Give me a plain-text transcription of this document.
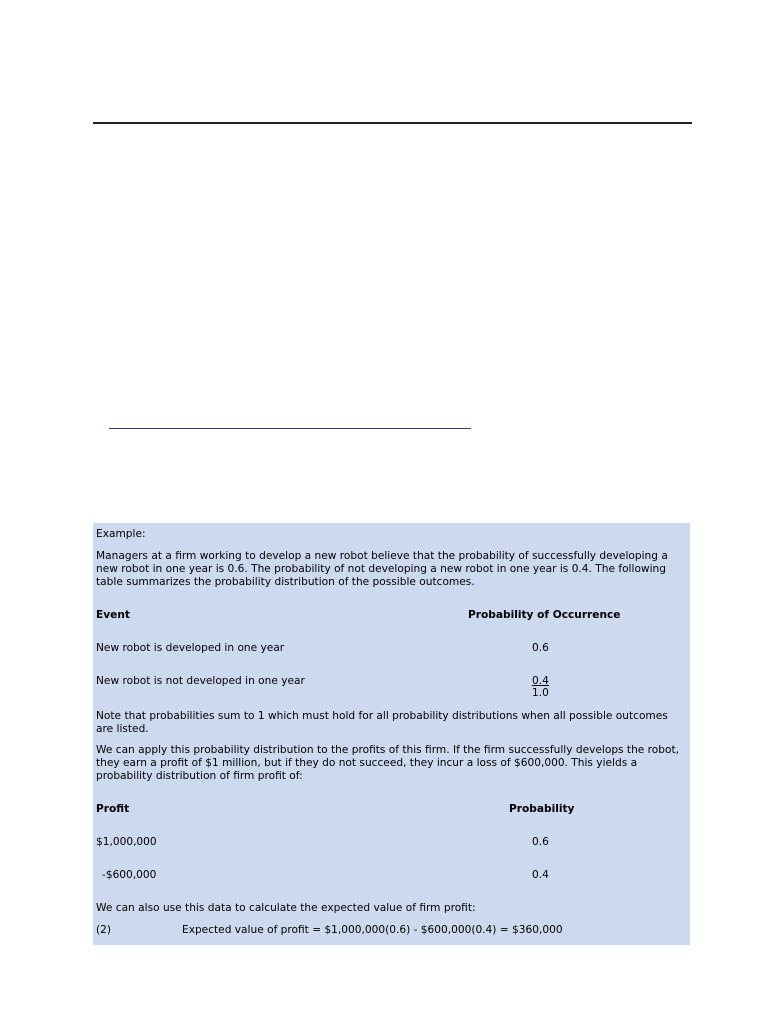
Example:
Managers at a firm working to develop a new robot believe that the probability of successfully developing a new robot in one year is 0.6. The probability of not developing a new robot in one year is 0.4. The following table summarizes the probability distribution of the possible outcomes.
Event	Probability of Occurrence
New robot is developed in one year	0.6
New robot is not developed in one year	0.4
1.0
Note that probabilities sum to 1 which must hold for all probability distributions when all possible outcomes are listed.
We can apply this probability distribution to the profits of this firm. If the firm successfully develops the robot, they earn a profit of $1 million, but if they do not succeed, they incur a loss of $600,000. This yields a probability distribution of firm profit of:
Profit	Probability
$1,000,000	0.6
-$600,000	0.4
We can also use this data to calculate the expected value of firm profit:
(2)	Expected value of profit = $1,000,000(0.6) - $600,000(0.4) = $360,000
